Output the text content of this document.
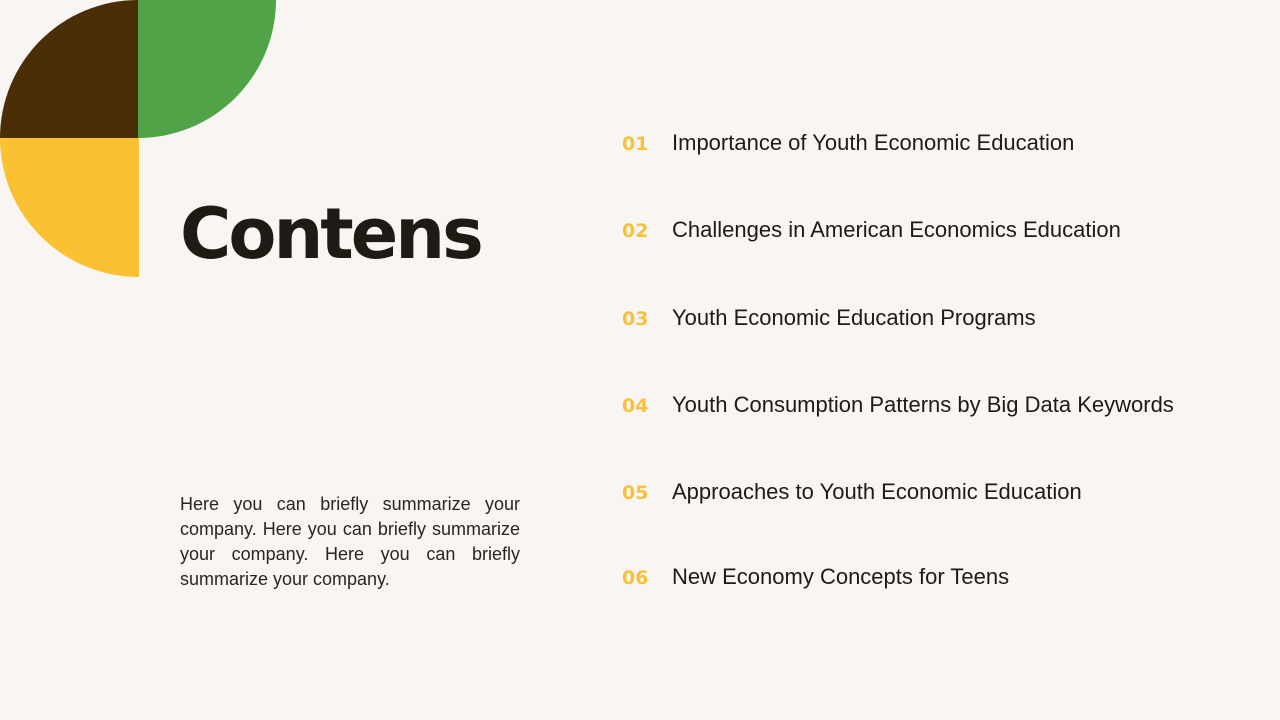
Contens

Here you can briefly summarize your company. Here you can briefly summarize your company. Here you can briefly summarize your company.

01	Importance of Youth Economic Education
02	Challenges in American Economics Education
03	Youth Economic Education Programs
04	Youth Consumption Patterns by Big Data Keywords
05	Approaches to Youth Economic Education
06	New Economy Concepts for Teens
